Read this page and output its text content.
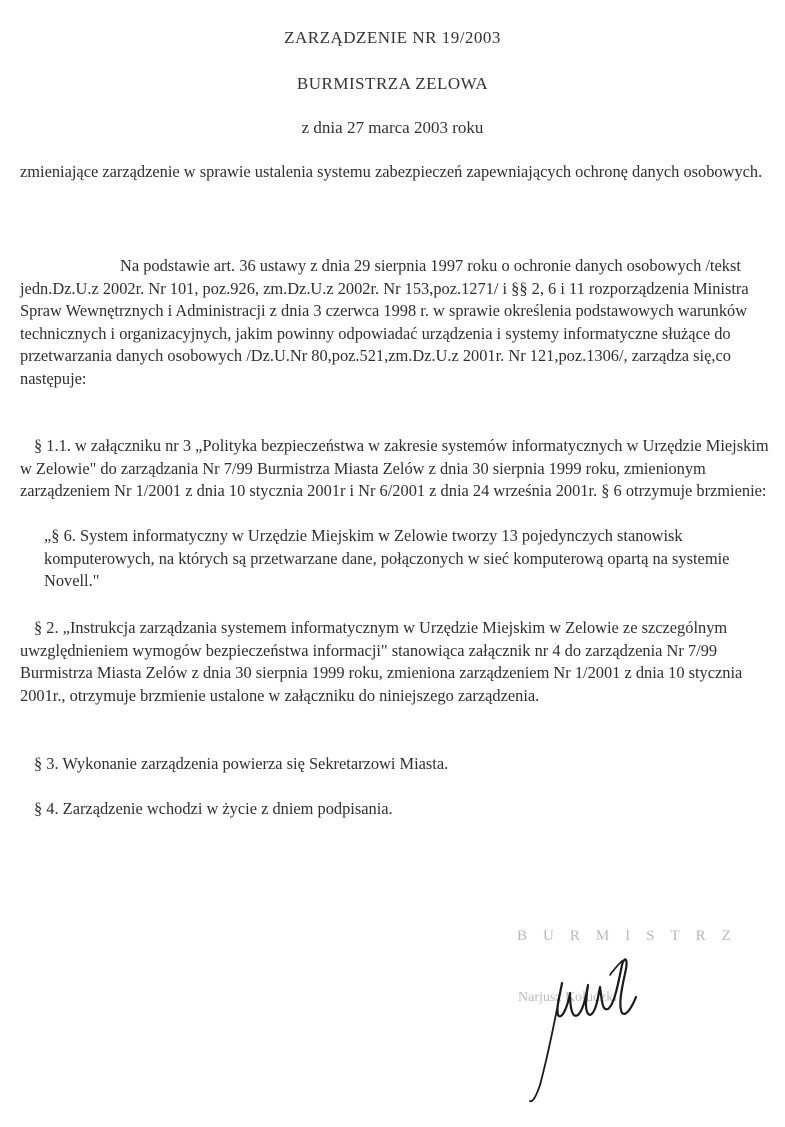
ZARZĄDZENIE NR 19/2003
BURMISTRZA ZELOWA
z dnia 27 marca 2003 roku

zmieniające zarządzenie w sprawie ustalenia systemu zabezpieczeń zapewniających ochronę danych osobowych.

Na podstawie art. 36 ustawy z dnia 29 sierpnia 1997 roku o ochronie danych osobowych /tekst jedn.Dz.U.z 2002r. Nr 101, poz.926, zm.Dz.U.z 2002r. Nr 153,poz.1271/ i §§ 2, 6 i 11 rozporządzenia Ministra Spraw Wewnętrznych i Administracji z dnia 3 czerwca 1998 r. w sprawie określenia podstawowych warunków technicznych i organizacyjnych, jakim powinny odpowiadać urządzenia i systemy informatyczne służące do przetwarzania danych osobowych /Dz.U.Nr 80,poz.521,zm.Dz.U.z 2001r. Nr 121,poz.1306/, zarządza się,co następuje:

§ 1.1. w załączniku nr 3 „Polityka bezpieczeństwa w zakresie systemów informatycznych w Urzędzie Miejskim w Zelowie" do zarządzania Nr 7/99 Burmistrza Miasta Zelów z dnia 30 sierpnia 1999 roku, zmienionym zarządzeniem Nr 1/2001 z dnia 10 stycznia 2001r i Nr 6/2001 z dnia 24 września 2001r. § 6 otrzymuje brzmienie:

„§ 6. System informatyczny w Urzędzie Miejskim w Zelowie tworzy 13 pojedynczych stanowisk komputerowych, na których są przetwarzane dane, połączonych w sieć komputerową opartą na systemie Novell."

§ 2. „Instrukcja zarządzania systemem informatycznym w Urzędzie Miejskim w Zelowie ze szczególnym uwzględnieniem wymogów bezpieczeństwa informacji" stanowiąca załącznik nr 4 do zarządzenia Nr 7/99 Burmistrza Miasta Zelów z dnia 30 sierpnia 1999 roku, zmieniona zarządzeniem Nr 1/2001 z dnia 10 stycznia 2001r., otrzymuje brzmienie ustalone w załączniku do niniejszego zarządzenia.

§ 3. Wykonanie zarządzenia powierza się Sekretarzowi Miasta.

§ 4. Zarządzenie wchodzi w życie z dniem podpisania.

BURMISTRZ
Narjusz Kołudzki
